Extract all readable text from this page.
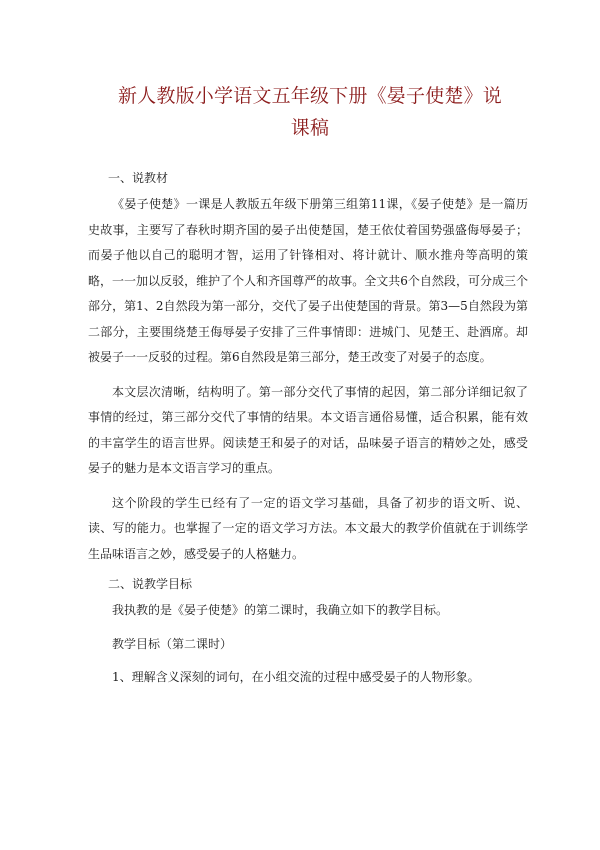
新人教版小学语文五年级下册《晏子使楚》说课稿

一、说教材

《晏子使楚》一课是人教版五年级下册第三组第11课，《晏子使楚》是一篇历史故事，主要写了春秋时期齐国的晏子出使楚国，楚王依仗着国势强盛侮辱晏子；而晏子他以自己的聪明才智，运用了针锋相对、将计就计、顺水推舟等高明的策略，一一加以反驳，维护了个人和齐国尊严的故事。全文共6个自然段，可分成三个部分，第1、2自然段为第一部分，交代了晏子出使楚国的背景。第3—5自然段为第二部分，主要围绕楚王侮辱晏子安排了三件事情即：进城门、见楚王、赴酒席。却被晏子一一反驳的过程。第6自然段是第三部分，楚王改变了对晏子的态度。

本文层次清晰，结构明了。第一部分交代了事情的起因，第二部分详细记叙了事情的经过，第三部分交代了事情的结果。本文语言通俗易懂，适合积累，能有效的丰富学生的语言世界。阅读楚王和晏子的对话，品味晏子语言的精妙之处，感受晏子的魅力是本文语言学习的重点。

这个阶段的学生已经有了一定的语文学习基础，具备了初步的语文听、说、读、写的能力。也掌握了一定的语文学习方法。本文最大的教学价值就在于训练学生品味语言之妙，感受晏子的人格魅力。

二、说教学目标

我执教的是《晏子使楚》的第二课时，我确立如下的教学目标。

教学目标（第二课时）

1、理解含义深刻的词句，在小组交流的过程中感受晏子的人物形象。
